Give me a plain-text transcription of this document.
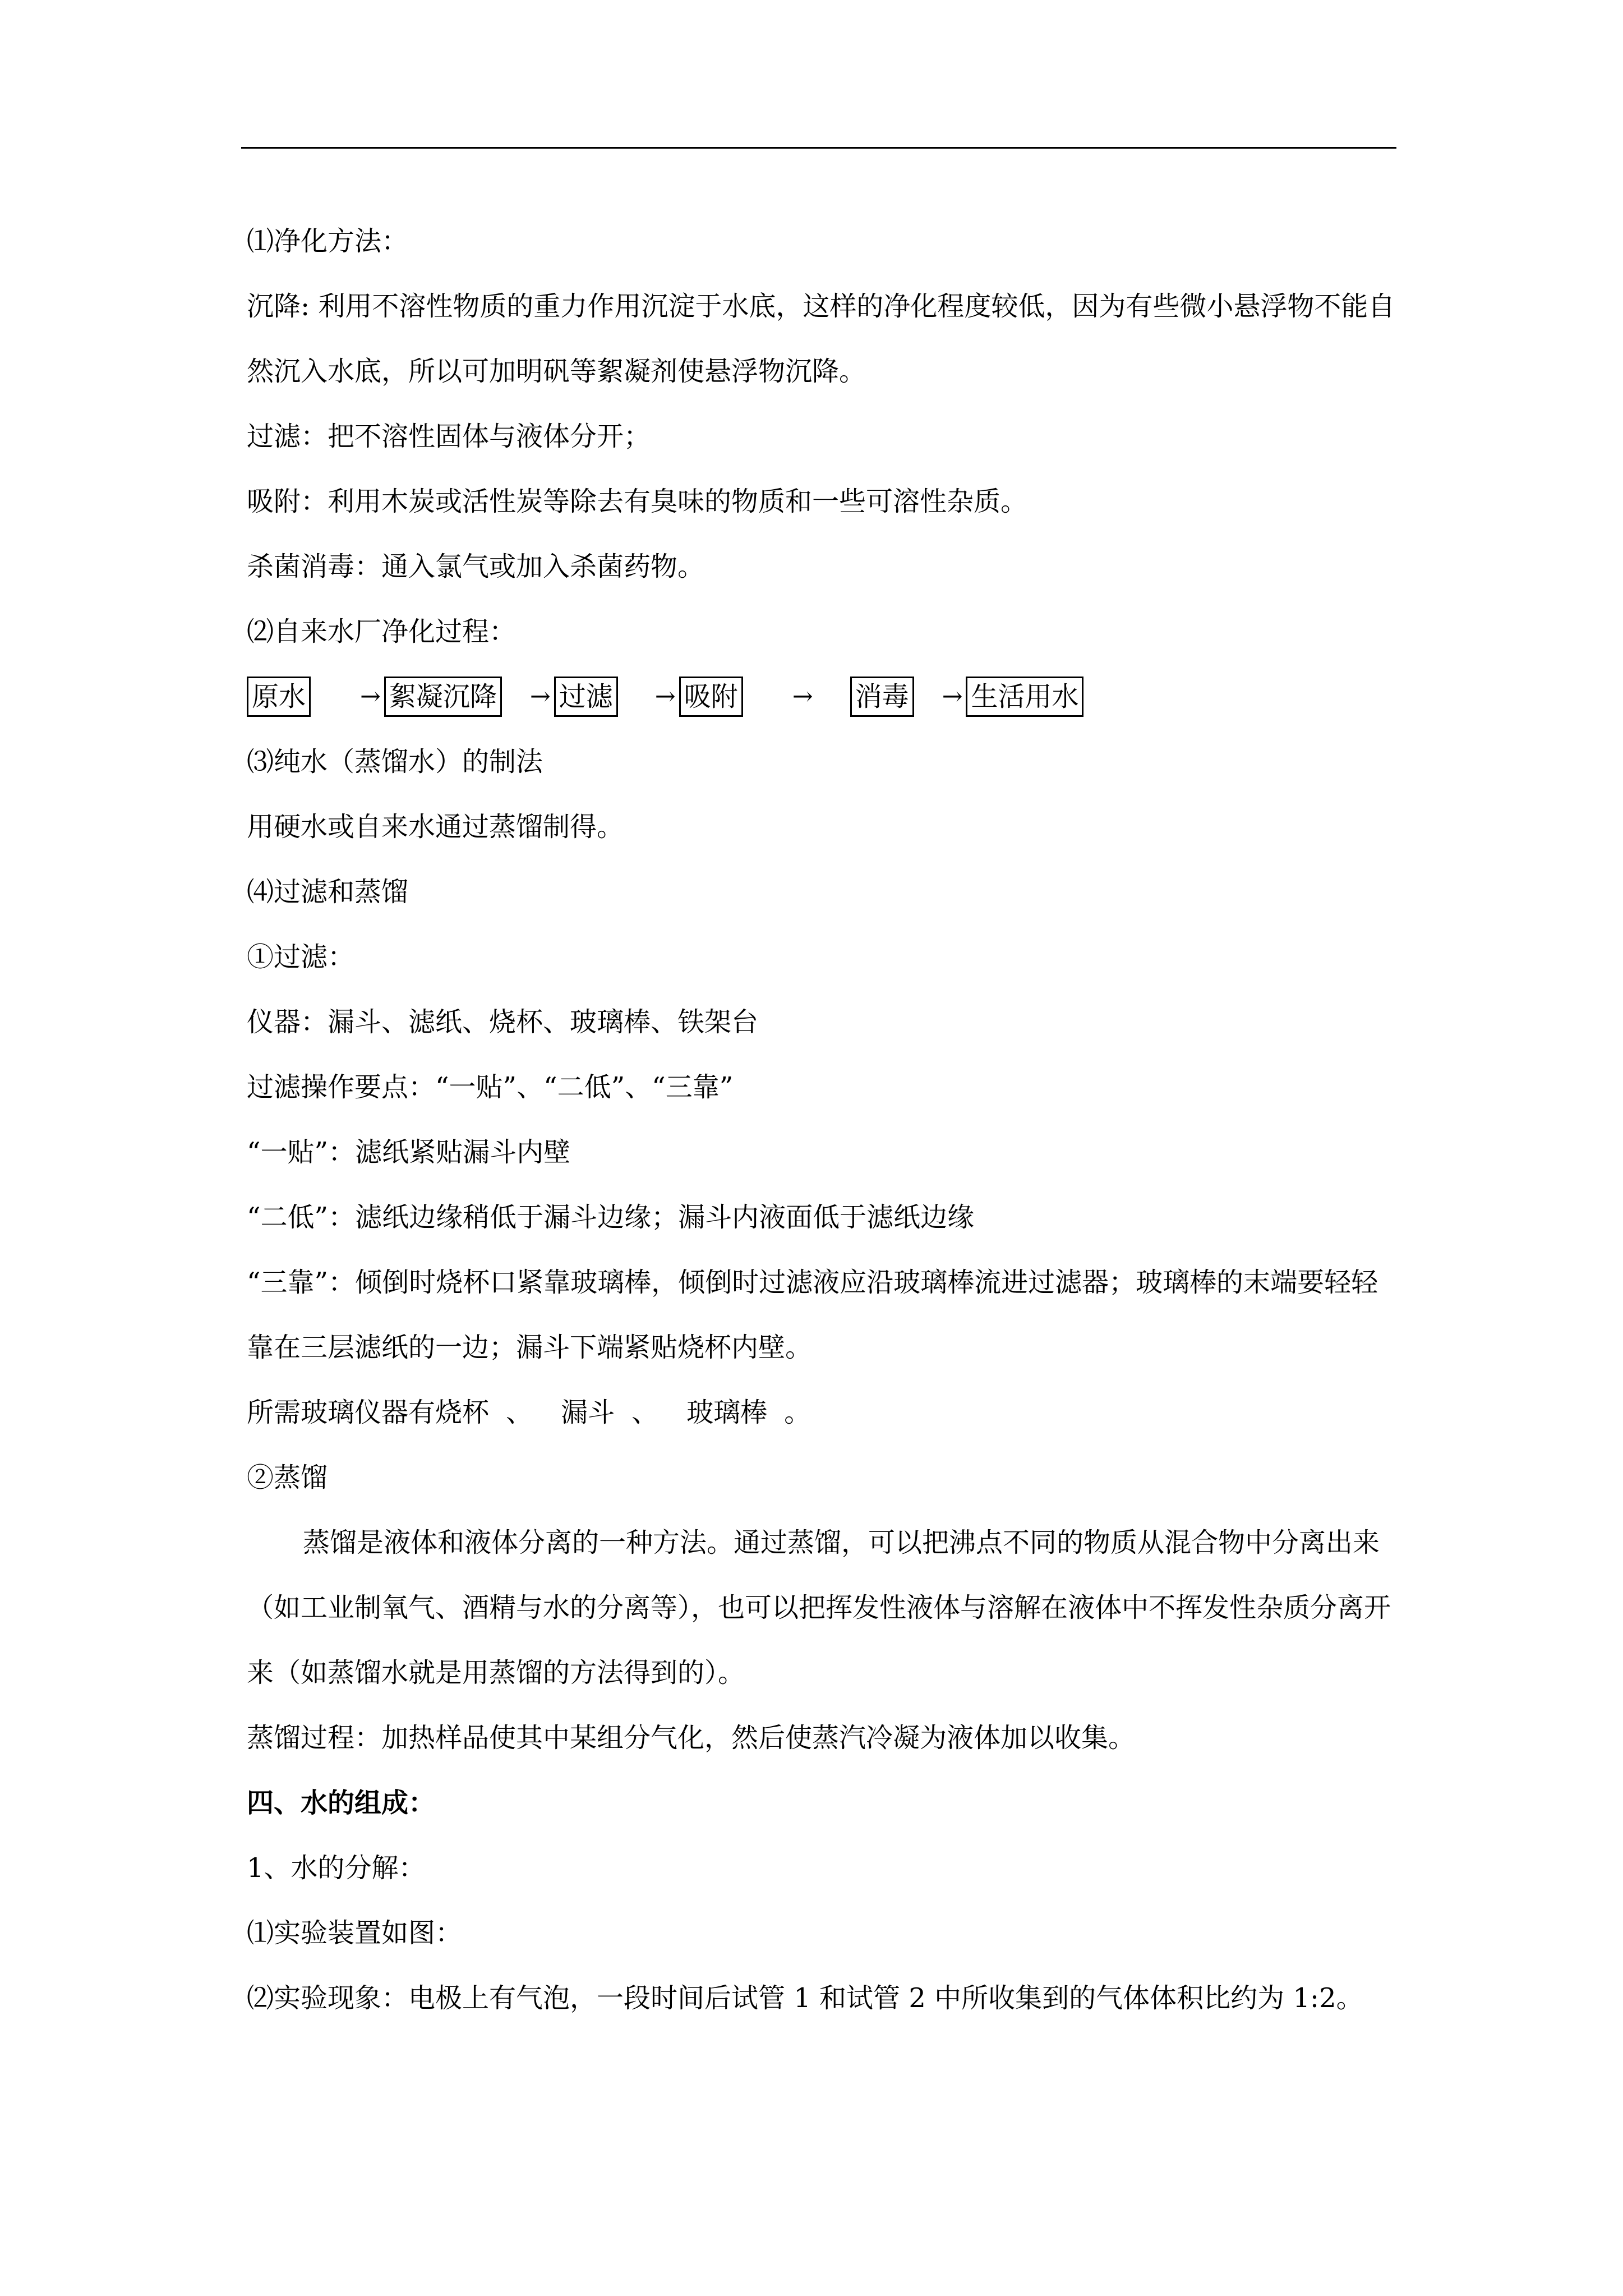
⑴净化方法：
沉降: 利用不溶性物质的重力作用沉淀于水底，这样的净化程度较低，因为有些微小悬浮物不能自然沉入水底，所以可加明矾等絮凝剂使悬浮物沉降。
过滤：把不溶性固体与液体分开；
吸附：利用木炭或活性炭等除去有臭味的物质和一些可溶性杂质。
杀菌消毒：通入氯气或加入杀菌药物。
⑵自来水厂净化过程：
原水 → 絮凝沉降 → 过滤 → 吸附 → 消毒 → 生活用水
⑶纯水（蒸馏水）的制法
用硬水或自来水通过蒸馏制得。
⑷过滤和蒸馏
①过滤：
仪器：漏斗、滤纸、烧杯、玻璃棒、铁架台
过滤操作要点：“一贴”、“二低”、“三靠”
“一贴”：滤纸紧贴漏斗内壁
“二低”：滤纸边缘稍低于漏斗边缘；漏斗内液面低于滤纸边缘
“三靠”：倾倒时烧杯口紧靠玻璃棒，倾倒时过滤液应沿玻璃棒流进过滤器；玻璃棒的末端要轻轻靠在三层滤纸的一边；漏斗下端紧贴烧杯内壁。
所需玻璃仪器有烧杯 、 漏斗 、 玻璃棒 。
②蒸馏
蒸馏是液体和液体分离的一种方法。通过蒸馏，可以把沸点不同的物质从混合物中分离出来（如工业制氧气、酒精与水的分离等），也可以把挥发性液体与溶解在液体中不挥发性杂质分离开来（如蒸馏水就是用蒸馏的方法得到的）。
蒸馏过程：加热样品使其中某组分气化，然后使蒸汽冷凝为液体加以收集。
四、水的组成：
1、水的分解：
⑴实验装置如图：
⑵实验现象：电极上有气泡，一段时间后试管 1 和试管 2 中所收集到的气体体积比约为 1:2。
